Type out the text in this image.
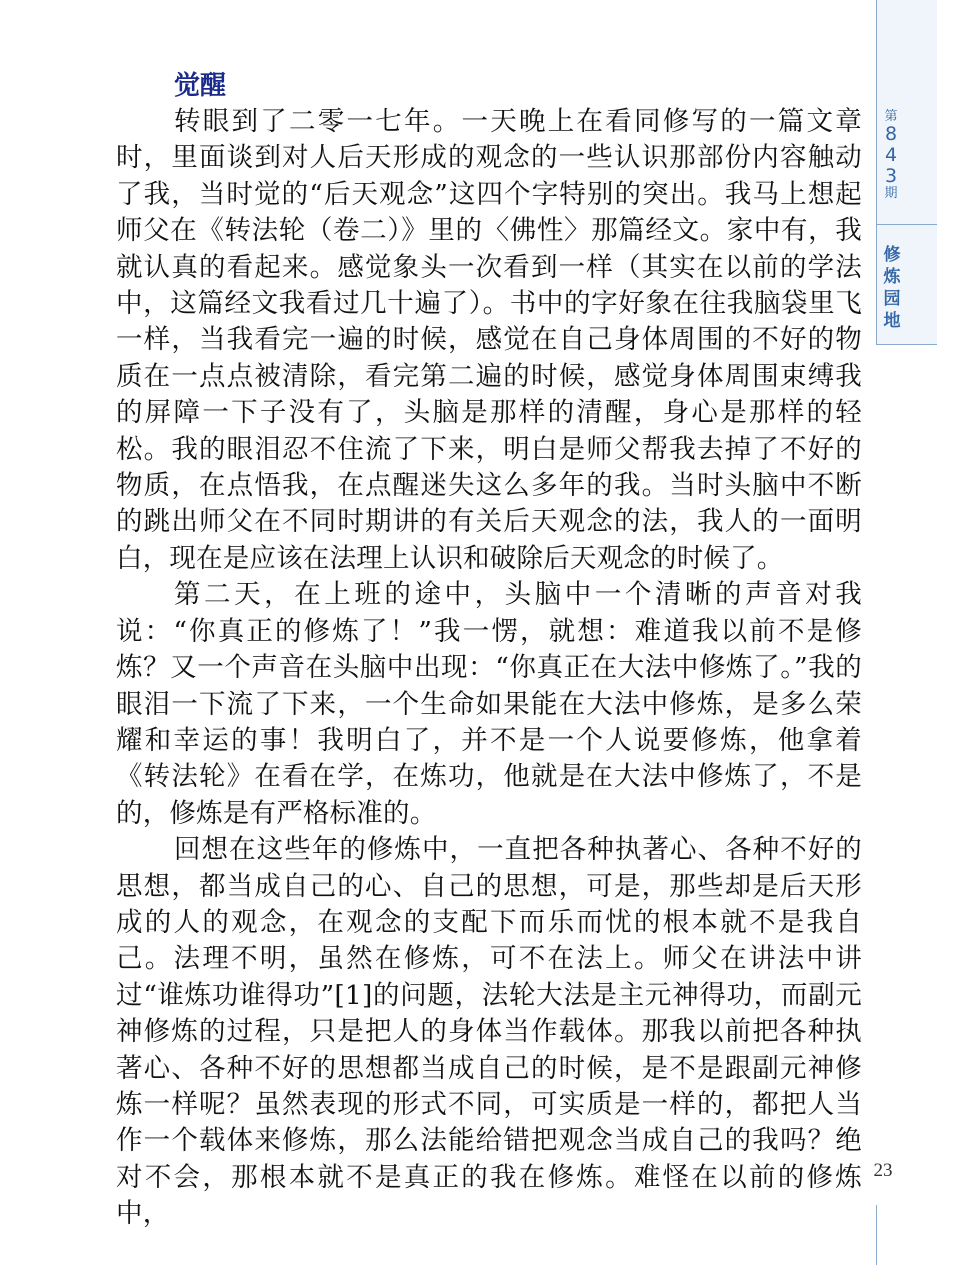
第
8
4
3
期
修
炼
园
地
23
觉醒

转眼到了二零一七年。一天晚上在看同修写的一篇文章时，里面谈到对人后天形成的观念的一些认识那部份内容触动了我，当时觉的“后天观念”这四个字特别的突出。我马上想起师父在《转法轮（卷二）》里的〈佛性〉那篇经文。家中有，我就认真的看起来。感觉象头一次看到一样（其实在以前的学法中，这篇经文我看过几十遍了）。书中的字好象在往我脑袋里飞一样，当我看完一遍的时候，感觉在自己身体周围的不好的物质在一点点被清除，看完第二遍的时候，感觉身体周围束缚我的屏障一下子没有了，头脑是那样的清醒，身心是那样的轻松。我的眼泪忍不住流了下来，明白是师父帮我去掉了不好的物质，在点悟我，在点醒迷失这么多年的我。当时头脑中不断的跳出师父在不同时期讲的有关后天观念的法，我人的一面明白，现在是应该在法理上认识和破除后天观念的时候了。

第二天，在上班的途中，头脑中一个清晰的声音对我说：“你真正的修炼了！”我一愣，就想：难道我以前不是修炼？又一个声音在头脑中出现：“你真正在大法中修炼了。”我的眼泪一下流了下来，一个生命如果能在大法中修炼，是多么荣耀和幸运的事！我明白了，并不是一个人说要修炼，他拿着《转法轮》在看在学，在炼功，他就是在大法中修炼了，不是的，修炼是有严格标准的。

回想在这些年的修炼中，一直把各种执著心、各种不好的思想，都当成自己的心、自己的思想，可是，那些却是后天形成的人的观念，在观念的支配下而乐而忧的根本就不是我自己。法理不明，虽然在修炼，可不在法上。师父在讲法中讲过“谁炼功谁得功”[1]的问题，法轮大法是主元神得功，而副元神修炼的过程，只是把人的身体当作载体。那我以前把各种执著心、各种不好的思想都当成自己的时候，是不是跟副元神修炼一样呢？虽然表现的形式不同，可实质是一样的，都把人当作一个载体来修炼，那么法能给错把观念当成自己的我吗？绝对不会，那根本就不是真正的我在修炼。难怪在以前的修炼中，
